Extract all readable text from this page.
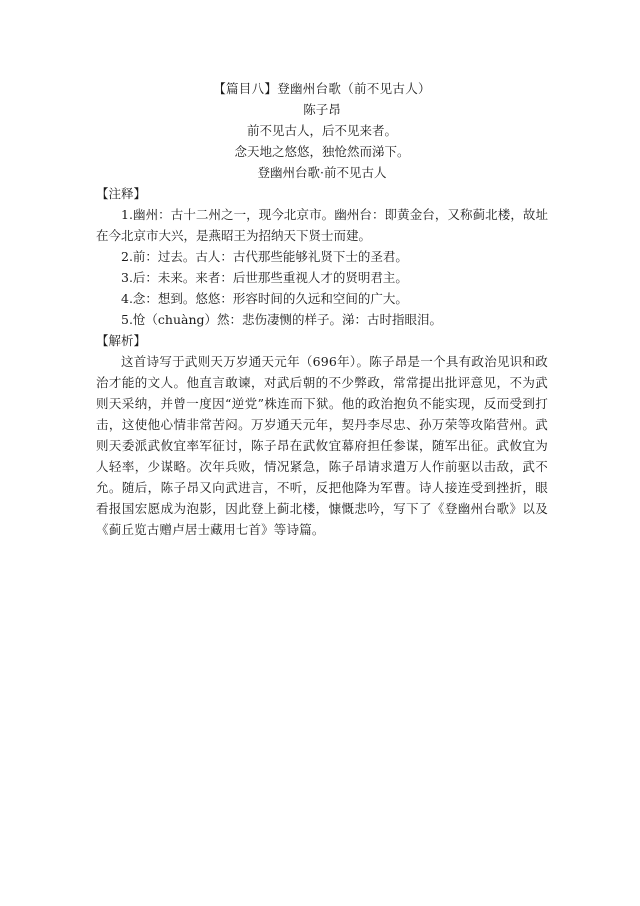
【篇目八】登幽州台歌（前不见古人）

陈子昂

前不见古人，后不见来者。

念天地之悠悠，独怆然而涕下。

登幽州台歌·前不见古人

【注释】

1.幽州：古十二州之一，现今北京市。幽州台：即黄金台，又称蓟北楼，故址在今北京市大兴，是燕昭王为招纳天下贤士而建。

2.前：过去。古人：古代那些能够礼贤下士的圣君。

3.后：未来。来者：后世那些重视人才的贤明君主。

4.念：想到。悠悠：形容时间的久远和空间的广大。

5.怆（chuàng）然：悲伤凄恻的样子。涕：古时指眼泪。

【解析】

这首诗写于武则天万岁通天元年（696年）。陈子昂是一个具有政治见识和政治才能的文人。他直言敢谏，对武后朝的不少弊政，常常提出批评意见，不为武则天采纳，并曾一度因“逆党”株连而下狱。他的政治抱负不能实现，反而受到打击，这使他心情非常苦闷。万岁通天元年，契丹李尽忠、孙万荣等攻陷营州。武则天委派武攸宜率军征讨，陈子昂在武攸宜幕府担任参谋，随军出征。武攸宜为人轻率，少谋略。次年兵败，情况紧急，陈子昂请求遣万人作前驱以击敌，武不允。随后，陈子昂又向武进言，不听，反把他降为军曹。诗人接连受到挫折，眼看报国宏愿成为泡影，因此登上蓟北楼，慷慨悲吟，写下了《登幽州台歌》以及《蓟丘览古赠卢居士藏用七首》等诗篇。
